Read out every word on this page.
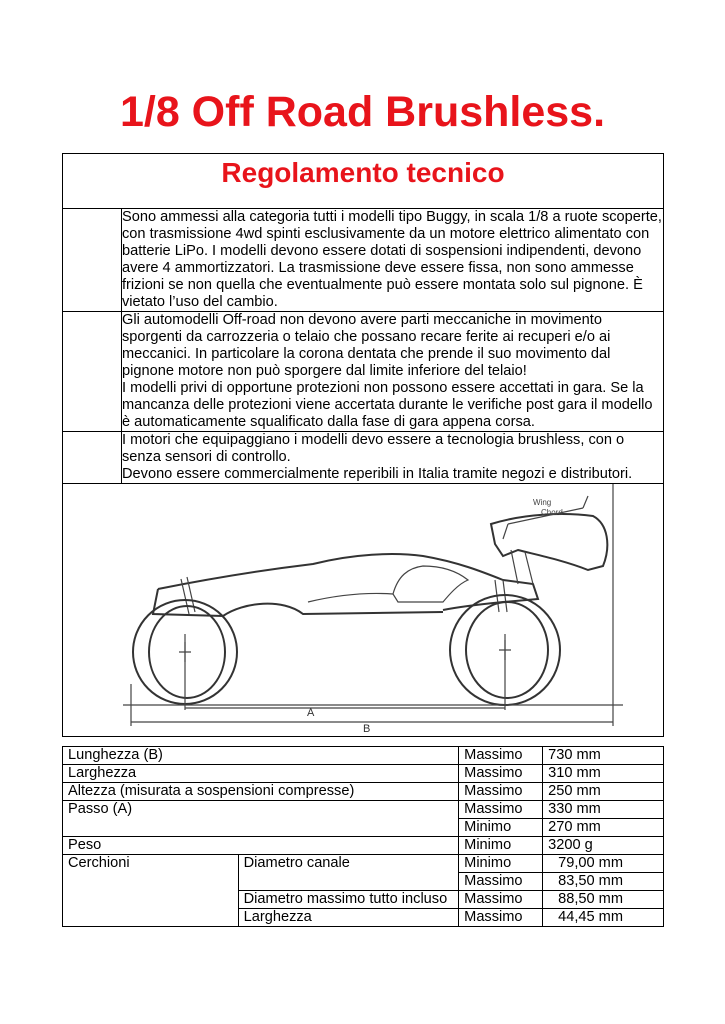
1/8 Off Road Brushless.
Regolamento tecnico	

	Sono ammessi alla categoria tutti i modelli tipo Buggy, in scala 1/8 a ruote scoperte, con trasmissione 4wd spinti esclusivamente da un motore elettrico alimentato con batterie LiPo. I modelli devono essere dotati di sospensioni indipendenti, devono avere 4 ammortizzatori. La trasmissione deve essere fissa, non sono ammesse frizioni se non quella che eventualmente può essere montata solo sul pignone. È vietato l’uso del cambio.

	Gli automodelli Off-road non devono avere parti meccaniche in movimento sporgenti da carrozzeria o telaio che possano recare ferite ai recuperi e/o ai meccanici. In particolare la corona dentata che prende il suo movimento dal pignone motore non può sporgere dal limite inferiore del telaio!

I modelli privi di opportune protezioni non possono essere accettati in gara. Se la mancanza delle protezioni viene accertata durante le verifiche post gara il modello è automaticamente squalificato dalla fase di gara appena corsa.

	I motori che equipaggiano i modelli devo essere a tecnologia brushless, con o senza sensori di controllo.

Devono essere commercialmente reperibili in Italia tramite negozi e distributori.

Wing
Chord
A
B	
Lunghezza (B)		Massimo	730 mm
Larghezza		Massimo	310 mm
Altezza (misurata a sospensioni compresse)		Massimo	250 mm
Passo (A)		Massimo	330 mm
		Minimo	270 mm
Peso		Minimo	3200 g
Cerchioni	Diametro canale	Minimo	79,00 mm
		Massimo	83,50 mm
	Diametro massimo tutto incluso	Massimo	88,50 mm
	Larghezza	Massimo	44,45 mm
